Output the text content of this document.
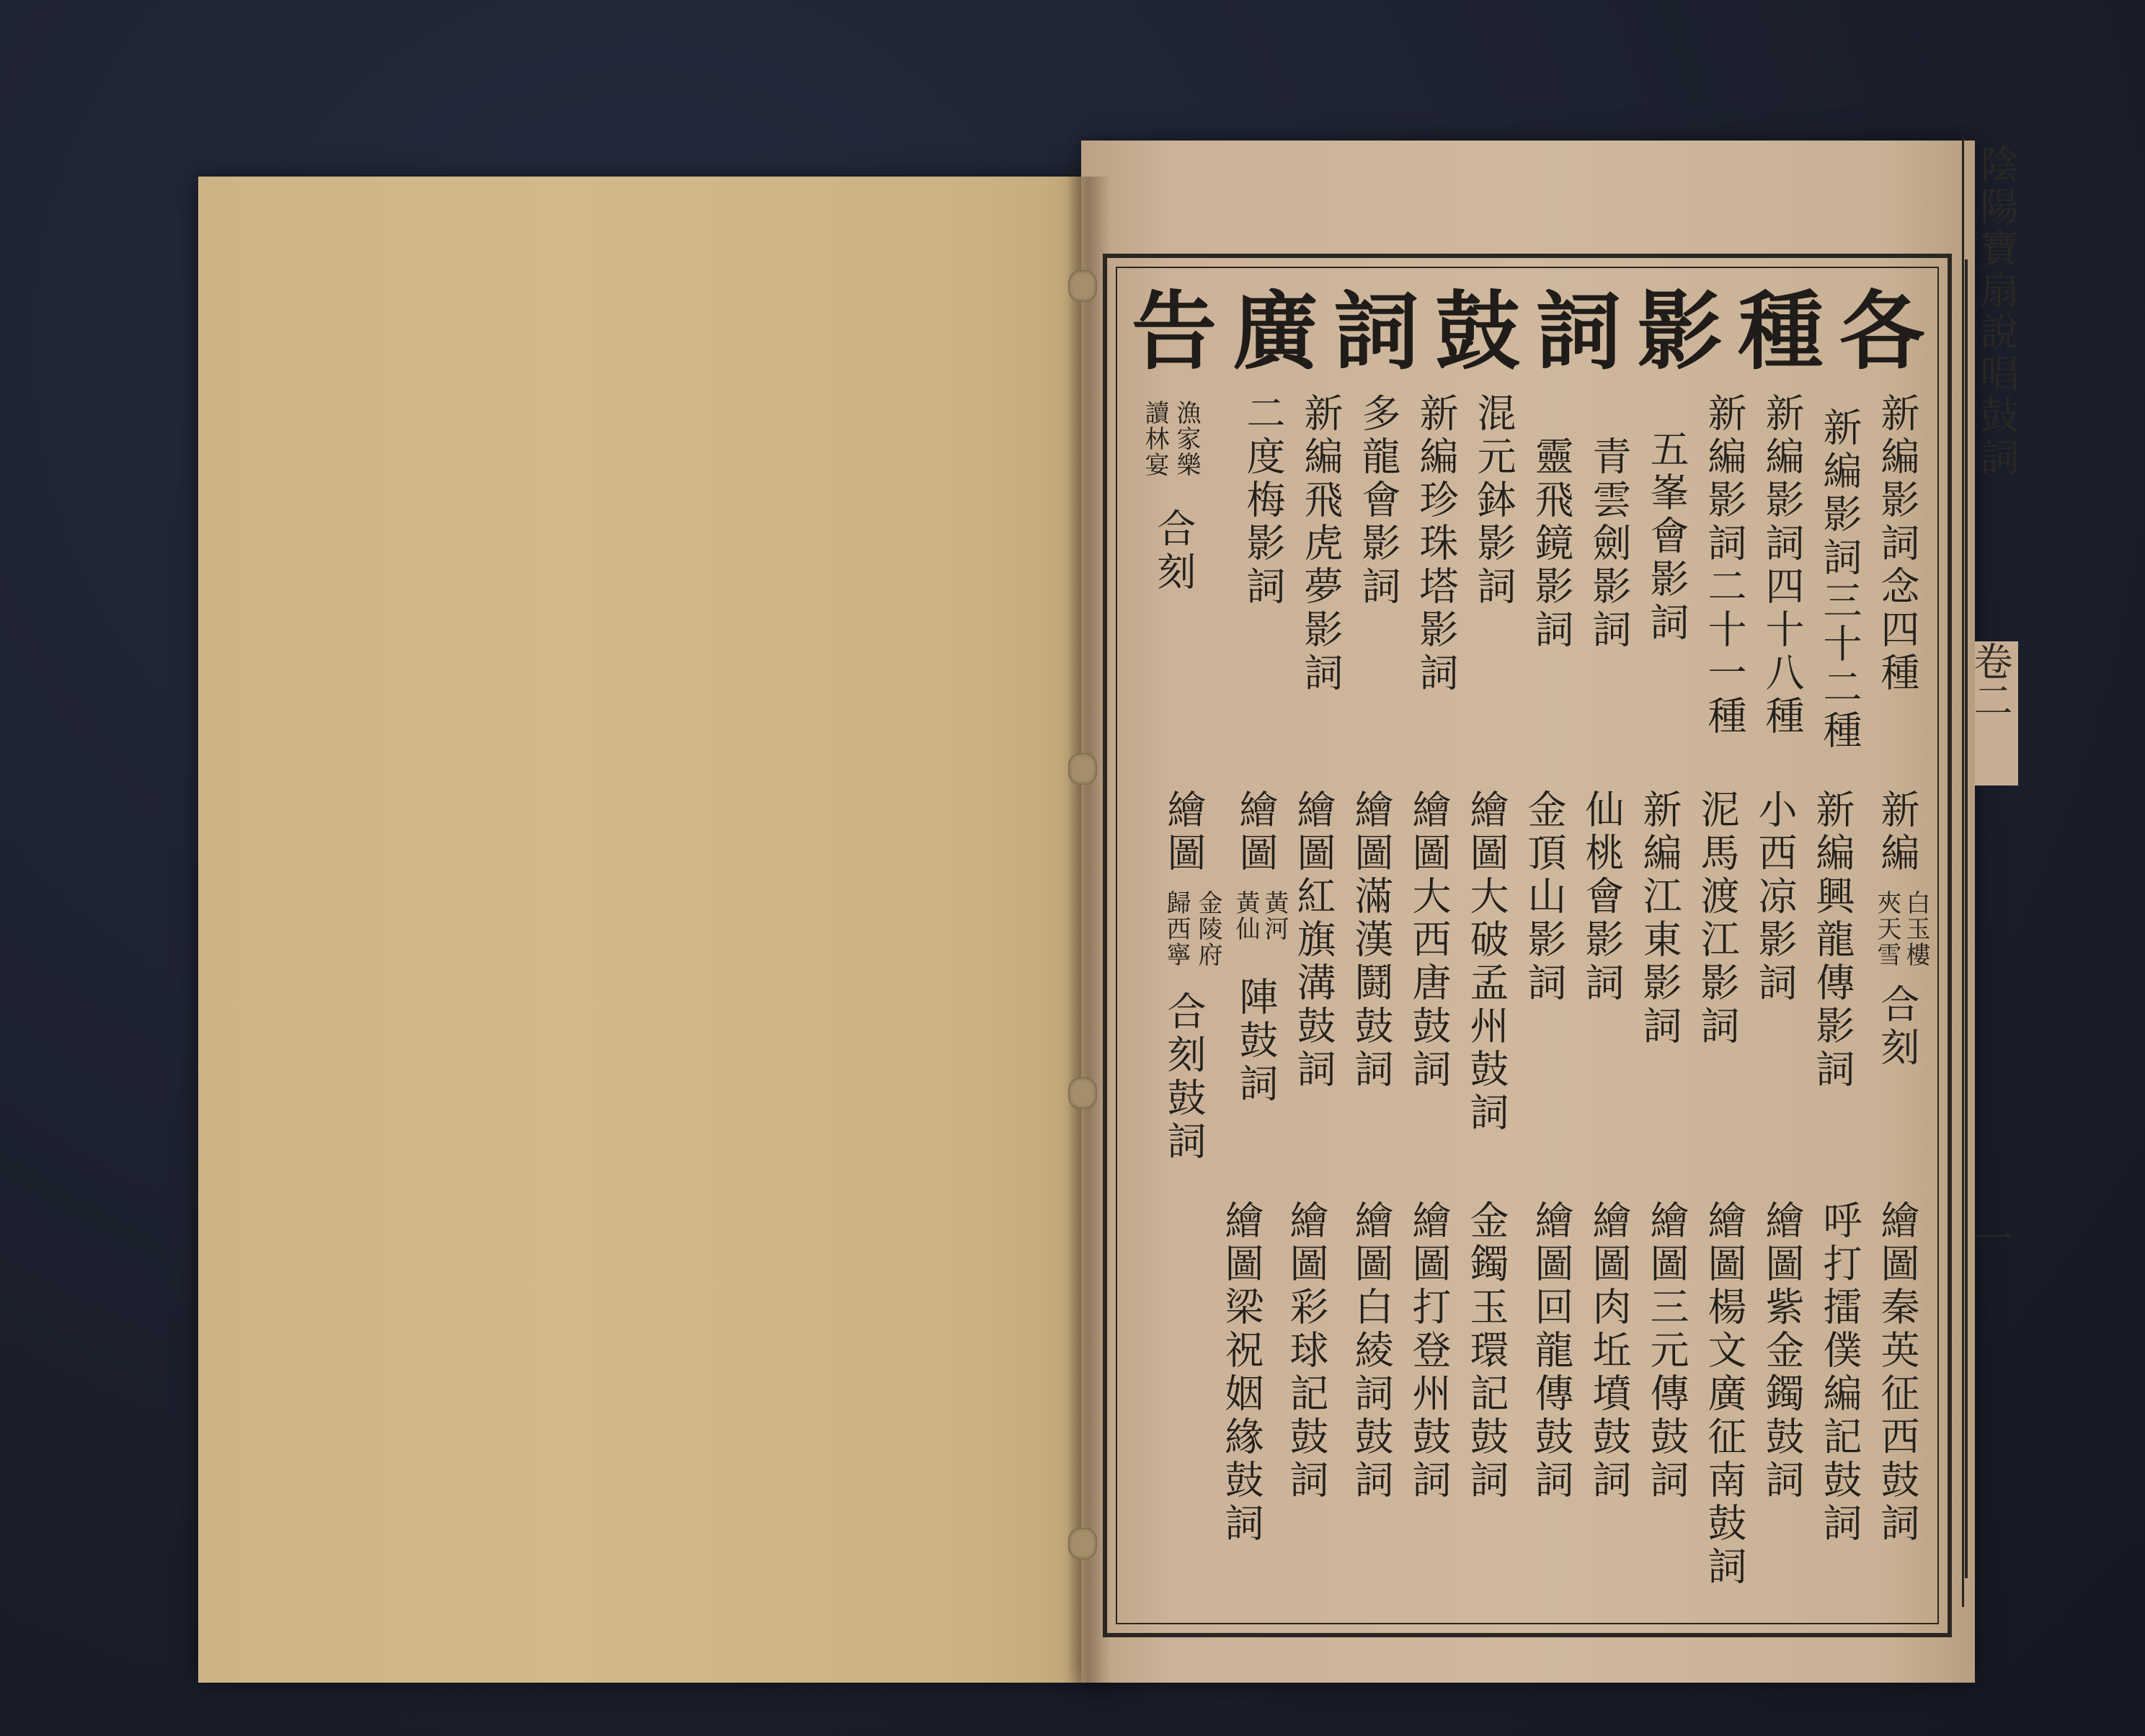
陰陽寶扇說唱鼓詞
卷二
一
各
種
影
詞
鼓
詞
廣
告
新編影詞念四種
新編影詞三十二種
新編影詞四十八種
新編影詞二十一種
五峯會影詞
青雲劍影詞
靈飛鏡影詞
混元鉢影詞
新編珍珠塔影詞
多龍會影詞
新編飛虎夢影詞
二度梅影詞
漁家樂
讀林宴
合刻
新編
白玉樓
夾天雪
合刻
新編興龍傳影詞
小西凉影詞
泥馬渡江影詞
新編江東影詞
仙桃會影詞
金頂山影詞
繪圖大破孟州鼓詞
繪圖大西唐鼓詞
繪圖滿漢鬪鼓詞
繪圖紅旗溝鼓詞
繪圖
黃河
黃仙
陣鼓詞
繪圖
金陵府
歸西寧
合刻鼓詞
繪圖秦英征西鼓詞
呼打擂僕編記鼓詞
繪圖紫金鐲鼓詞
繪圖楊文廣征南鼓詞
繪圖三元傳鼓詞
繪圖肉坵墳鼓詞
繪圖回龍傳鼓詞
金鐲玉環記鼓詞
繪圖打登州鼓詞
繪圖白綾詞鼓詞
繪圖彩球記鼓詞
繪圖梁祝姻緣鼓詞
